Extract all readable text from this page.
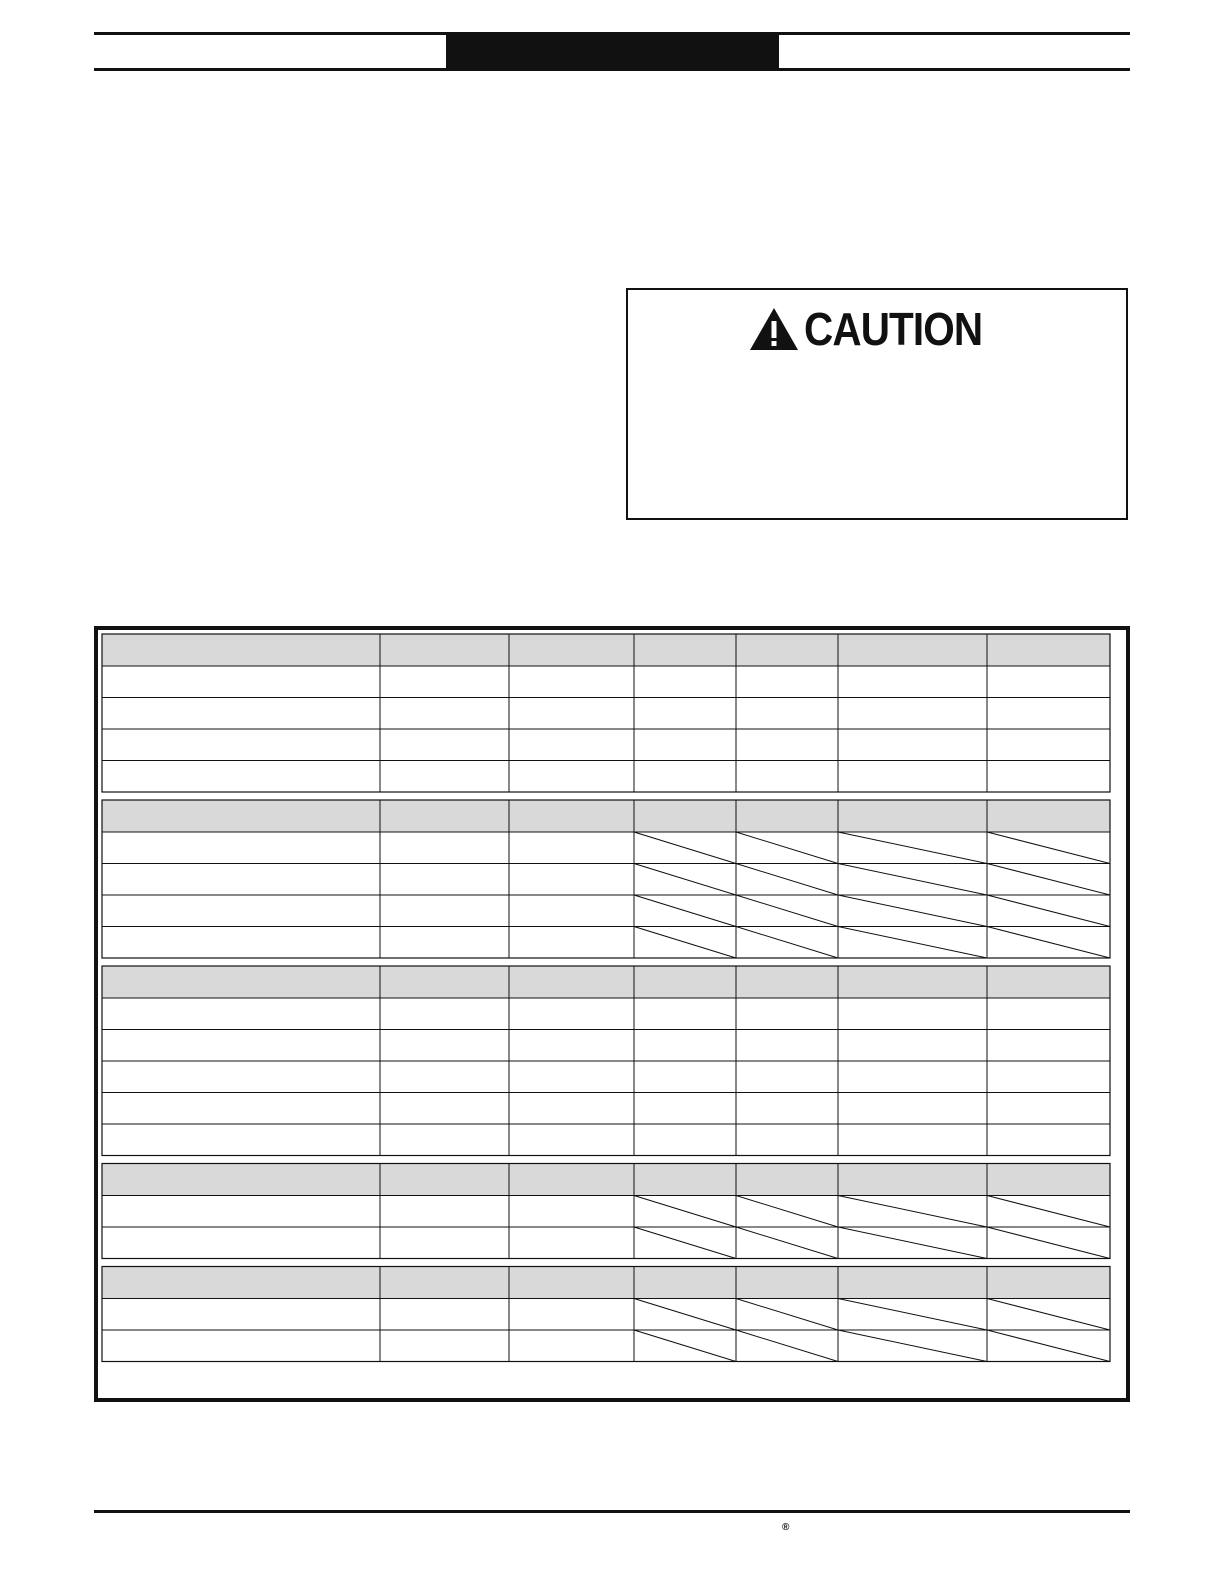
CAUTION
®
